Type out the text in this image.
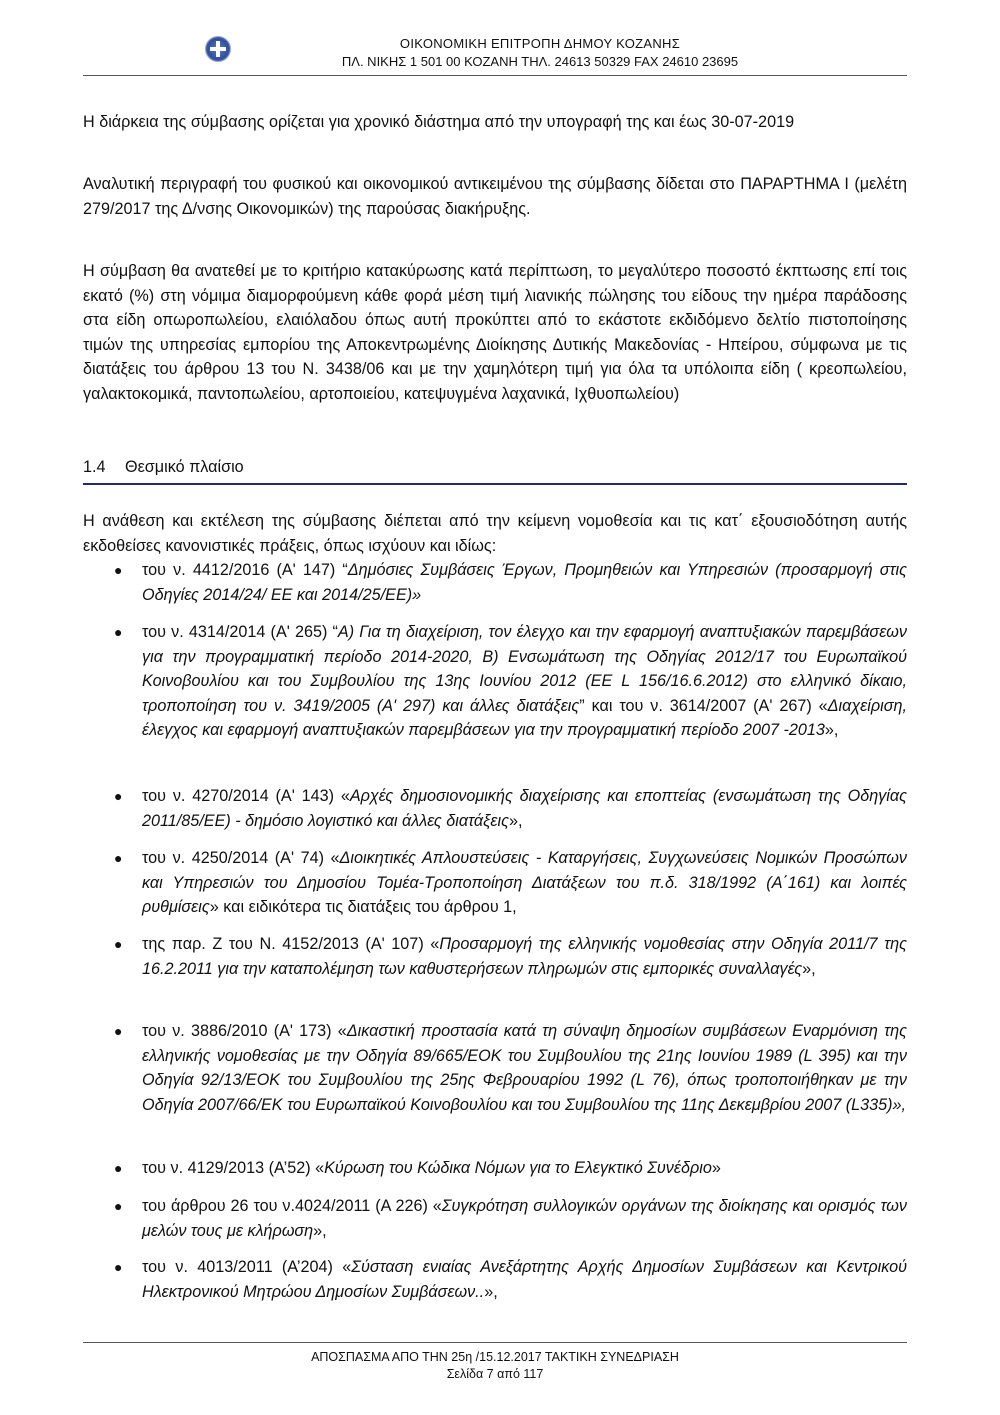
ΟΙΚΟΝΟΜΙΚΗ ΕΠΙΤΡΟΠΗ ΔΗΜΟΥ ΚΟΖΑΝΗΣ
ΠΛ. ΝΙΚΗΣ 1 501 00 ΚΟΖΑΝΗ ΤΗΛ. 24613 50329 FAX 24610 23695

Η διάρκεια της σύμβασης ορίζεται για χρονικό διάστημα από την υπογραφή της και έως 30-07-2019

Αναλυτική περιγραφή του φυσικού και οικονομικού αντικειμένου της σύμβασης δίδεται στο ΠΑΡΑΡΤΗΜΑ Ι (μελέτη 279/2017 της Δ/νσης Οικονομικών) της παρούσας διακήρυξης.

Η σύμβαση θα ανατεθεί με το κριτήριο κατακύρωσης κατά περίπτωση, το μεγαλύτερο ποσοστό έκπτωσης επί τοις εκατό (%) στη νόμιμα διαμορφούμενη κάθε φορά μέση τιμή λιανικής πώλησης του είδους την ημέρα παράδοσης στα είδη οπωροπωλείου, ελαιόλαδου όπως αυτή προκύπτει από το εκάστοτε εκδιδόμενο δελτίο πιστοποίησης τιμών της υπηρεσίας εμπορίου της Αποκεντρωμένης Διοίκησης Δυτικής Μακεδονίας - Ηπείρου, σύμφωνα με τις διατάξεις του άρθρου 13 του Ν. 3438/06 και με την χαμηλότερη τιμή για όλα τα υπόλοιπα είδη ( κρεοπωλείου, γαλακτοκομικά, παντοπωλείου, αρτοποιείου, κατεψυγμένα λαχανικά, Ιχθυοπωλείου)

1.4 Θεσμικό πλαίσιο

Η ανάθεση και εκτέλεση της σύμβασης διέπεται από την κείμενη νομοθεσία και τις κατ΄ εξουσιοδότηση αυτής εκδοθείσες κανονιστικές πράξεις, όπως ισχύουν και ιδίως:

● του ν. 4412/2016 (Α' 147) “Δημόσιες Συμβάσεις Έργων, Προμηθειών και Υπηρεσιών (προσαρμογή στις Οδηγίες 2014/24/ ΕΕ και 2014/25/ΕΕ)»
● του ν. 4314/2014 (Α' 265) “Α) Για τη διαχείριση, τον έλεγχο και την εφαρμογή αναπτυξιακών παρεμβάσεων για την προγραμματική περίοδο 2014-2020, Β) Ενσωμάτωση της Οδηγίας 2012/17 του Ευρωπαϊκού Κοινοβουλίου και του Συμβουλίου της 13ης Ιουνίου 2012 (EE L 156/16.6.2012) στο ελληνικό δίκαιο, τροποποίηση του ν. 3419/2005 (Α' 297) και άλλες διατάξεις” και του ν. 3614/2007 (Α' 267) «Διαχείριση, έλεγχος και εφαρμογή αναπτυξιακών παρεμβάσεων για την προγραμματική περίοδο 2007 -2013»,
● του ν. 4270/2014 (Α' 143) «Αρχές δημοσιονομικής διαχείρισης και εποπτείας (ενσωμάτωση της Οδηγίας 2011/85/ΕΕ) - δημόσιο λογιστικό και άλλες διατάξεις»,
● του ν. 4250/2014 (Α' 74) «Διοικητικές Απλουστεύσεις - Καταργήσεις, Συγχωνεύσεις Νομικών Προσώπων και Υπηρεσιών του Δημοσίου Τομέα-Τροποποίηση Διατάξεων του π.δ. 318/1992 (Α΄161) και λοιπές ρυθμίσεις» και ειδικότερα τις διατάξεις του άρθρου 1,
● της παρ. Ζ του Ν. 4152/2013 (Α' 107) «Προσαρμογή της ελληνικής νομοθεσίας στην Οδηγία 2011/7 της 16.2.2011 για την καταπολέμηση των καθυστερήσεων πληρωμών στις εμπορικές συναλλαγές»,
● του ν. 3886/2010 (Α' 173) «Δικαστική προστασία κατά τη σύναψη δημοσίων συμβάσεων Εναρμόνιση της ελληνικής νομοθεσίας με την Οδηγία 89/665/ΕΟΚ του Συμβουλίου της 21ης Ιουνίου 1989 (L 395) και την Οδηγία 92/13/ΕΟΚ του Συμβουλίου της 25ης Φεβρουαρίου 1992 (L 76), όπως τροποποιήθηκαν με την Οδηγία 2007/66/ΕΚ του Ευρωπαϊκού Κοινοβουλίου και του Συμβουλίου της 11ης Δεκεμβρίου 2007 (L335)»,
● του ν. 4129/2013 (Α’52) «Κύρωση του Κώδικα Νόμων για το Ελεγκτικό Συνέδριο»
● του άρθρου 26 του ν.4024/2011 (Α 226) «Συγκρότηση συλλογικών οργάνων της διοίκησης και ορισμός των μελών τους με κλήρωση»,
● του ν. 4013/2011 (Α’204) «Σύσταση ενιαίας Ανεξάρτητης Αρχής Δημοσίων Συμβάσεων και Κεντρικού Ηλεκτρονικού Μητρώου Δημοσίων Συμβάσεων..»,
ΑΠΟΣΠΑΣΜΑ ΑΠΟ ΤΗΝ 25η /15.12.2017 ΤΑΚΤΙΚΗ ΣΥΝΕΔΡΙΑΣΗ
Σελίδα 7 από 117
